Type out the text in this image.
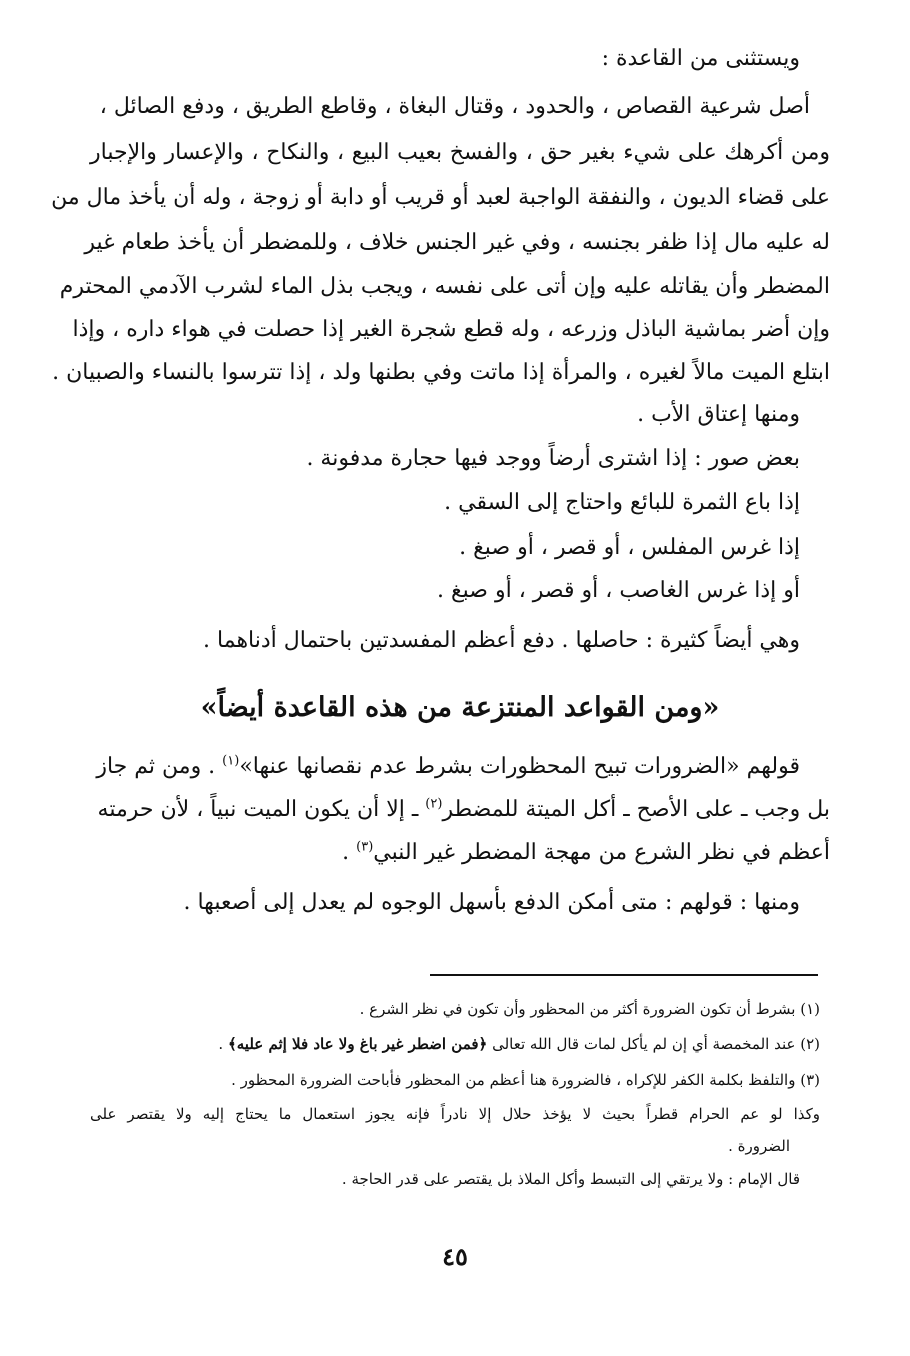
ويستثنى من القاعدة :
أصل شرعية القصاص ، والحدود ، وقتال البغاة ، وقاطع الطريق ، ودفع الصائل ،
ومن أكرهك على شيء بغير حق ، والفسخ بعيب البيع ، والنكاح ، والإعسار والإجبار
على قضاء الديون ، والنفقة الواجبة لعبد أو قريب أو دابة أو زوجة ، وله أن يأخذ مال من
له عليه مال إذا ظفر بجنسه ، وفي غير الجنس خلاف ، وللمضطر أن يأخذ طعام غير
المضطر وأن يقاتله عليه وإن أتى على نفسه ، ويجب بذل الماء لشرب الآدمي المحترم
وإن أضر بماشية الباذل وزرعه ، وله قطع شجرة الغير إذا حصلت في هواء داره ، وإذا
ابتلع الميت مالاً لغيره ، والمرأة إذا ماتت وفي بطنها ولد ، إذا تترسوا بالنساء والصبيان .
ومنها إعتاق الأب .
بعض صور : إذا اشترى أرضاً ووجد فيها حجارة مدفونة .
إذا باع الثمرة للبائع واحتاج إلى السقي .
إذا غرس المفلس ، أو قصر ، أو صبغ .
أو إذا غرس الغاصب ، أو قصر ، أو صبغ .
وهي أيضاً كثيرة : حاصلها . دفع أعظم المفسدتين باحتمال أدناهما .
«ومن القواعد المنتزعة من هذه القاعدة أيضاً»
قولهم «الضرورات تبيح المحظورات بشرط عدم نقصانها عنها»$^{(١)}$ . ومن ثم جاز
بل وجب ـ على الأصح ـ أكل الميتة للمضطر$^{(٢)}$ ـ إلا أن يكون الميت نبياً ، لأن حرمته
أعظم في نظر الشرع من مهجة المضطر غير النبي$^{(٣)}$ .
ومنها : قولهم : متى أمكن الدفع بأسهل الوجوه لم يعدل إلى أصعبها .
(١) بشرط أن تكون الضرورة أكثر من المحظور وأن تكون في نظر الشرع .
(٢) عند المخمصة أي إن لم يأكل لمات قال الله تعالى ﴿فمن اضطر غير باغ ولا عاد فلا إثم عليه﴾ .
(٣) والتلفظ بكلمة الكفر للإكراه ، فالضرورة هنا أعظم من المحظور فأباحت الضرورة المحظور .
وكذا لو عم الحرام قطراً بحيث لا يؤخذ حلال إلا نادراً فإنه يجوز استعمال ما يحتاج إليه ولا يقتصر على
الضرورة .
قال الإمام : ولا يرتقي إلى التبسط وأكل الملاذ بل يقتصر على قدر الحاجة .
٤٥
